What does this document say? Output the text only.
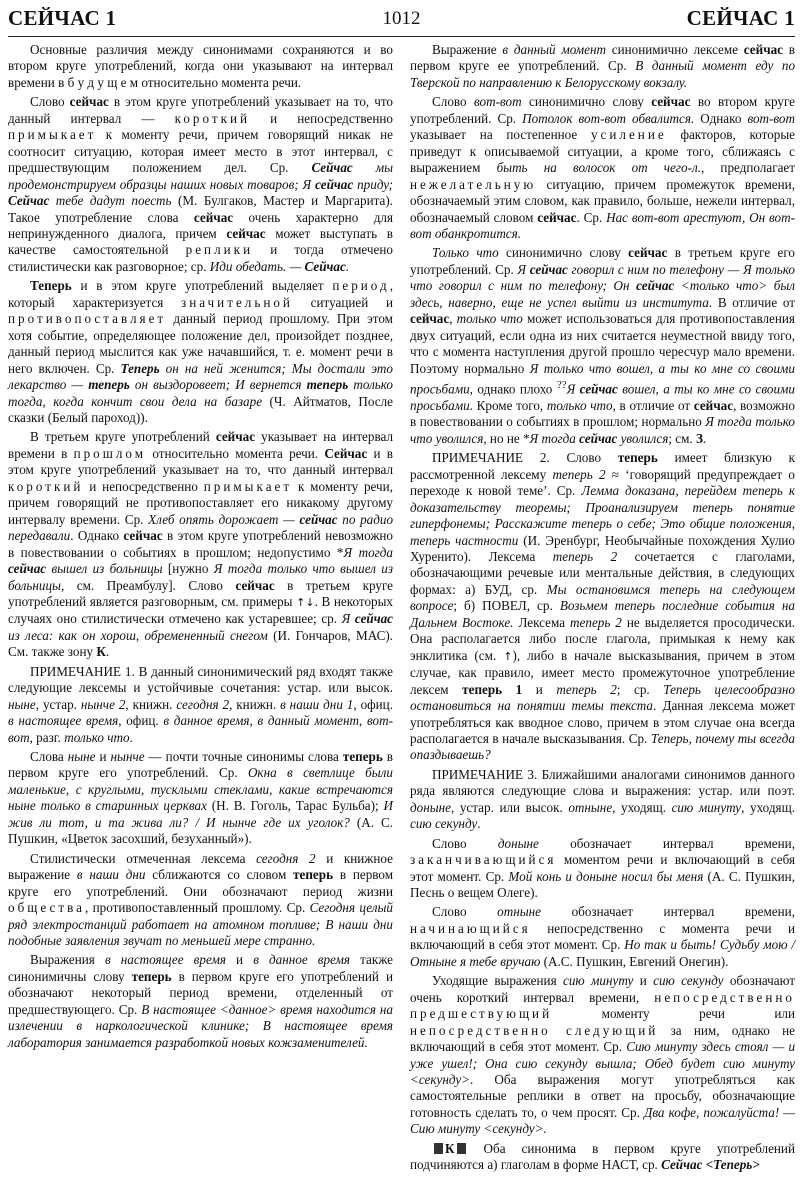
СЕЙЧАС 1	1012	СЕЙЧАС 1

Основные различия между синонимами сохраняются и во втором круге употреблений, когда они указывают на интервал времени в б у д у щ е м относительно момента речи.

Слово сейчас в этом круге употреблений указывает на то, что данный интервал — короткий и непосредственно примыкает к моменту речи, причем говорящий никак не соотносит ситуацию, которая имеет место в этот интервал, с предшествующим положением дел. Ср. Сейчас мы продемонстрируем образцы наших новых товаров; Я сейчас приду; Сейчас тебе дадут поесть (М. Булгаков, Мастер и Маргарита). Такое употребление слова сейчас очень характерно для непринужденного диалога, причем сейчас может выступать в качестве самостоятельной реплики и тогда отмечено стилистически как разговорное; ср. Иди обедать. — Сейчас.

Теперь и в этом круге употреблений выделяет период, который характеризуется значительной ситуацией и противопоставляет данный период прошлому. При этом хотя событие, определяющее положение дел, произойдет позднее, данный период мыслится как уже начавшийся, т. е. момент речи в него включен. Ср. Теперь он на ней женится; Мы достали это лекарство — теперь он выздоровеет; И вернется теперь только тогда, когда кончит свои дела на базаре (Ч. Айтматов, После сказки (Белый пароход)).

В третьем круге употреблений сейчас указывает на интервал времени в прошлом относительно момента речи. Сейчас и в этом круге употреблений указывает на то, что данный интервал короткий и непосредственно примыкает к моменту речи, причем говорящий не противопоставляет его никакому другому интервалу времени. Ср. Хлеб опять дорожает — сейчас по радио передавали. Однако сейчас в этом круге употреблений невозможно в повествовании о событиях в прошлом; недопустимо *Я тогда сейчас вышел из больницы [нужно Я тогда только что вышел из больницы, см. Преамбулу]. Слово сейчас в третьем круге употреблений является разговорным, см. примеры ↑↓. В некоторых случаях оно стилистически отмечено как устаревшее; ср. Я сейчас из леса: как он хорош, обремененный снегом (И. Гончаров, МАС). См. также зону К.

ПРИМЕЧАНИЕ 1. В данный синонимический ряд входят также следующие лексемы и устойчивые сочетания: устар. или высок. ныне, устар. нынче 2, книжн. сегодня 2, книжн. в наши дни 1, офиц. в настоящее время, офиц. в данное время, в данный момент, вот-вот, разг. только что.

Слова ныне и нынче — почти точные синонимы слова теперь в первом круге его употреблений. Ср. Окна в светлице были маленькие, с круглыми, тусклыми стеклами, какие встречаются ныне только в старинных церквах (Н. В. Гоголь, Тарас Бульба); И жив ли тот, и та жива ли? / И нынче где их уголок? (А. С. Пушкин, «Цветок засохший, безуханный»).

Стилистически отмеченная лексема сегодня 2 и книжное выражение в наши дни сближаются со словом теперь в первом круге его употреблений. Они обозначают период жизни общества, противопоставленный прошлому. Ср. Сегодня целый ряд электростанций работает на атомном топливе; В наши дни подобные заявления звучат по меньшей мере странно.

Выражения в настоящее время и в данное время также синонимичны слову теперь в первом круге его употреблений и обозначают некоторый период времени, отделенный от предшествующего. Ср. В настоящее <данное> время находится на излечении в наркологической клинике; В настоящее время лаборатория занимается разработкой новых кожзаменителей.

Выражение в данный момент синонимично лексеме сейчас в первом круге ее употреблений. Ср. В данный момент еду по Тверской по направлению к Белорусскому вокзалу.

Слово вот-вот синонимично слову сейчас во втором круге употреблений. Ср. Потолок вот-вот обвалится. Однако вот-вот указывает на постепенное усиление факторов, которые приведут к описываемой ситуации, а кроме того, сближаясь с выражением быть на волосок от чего-л., предполагает нежелательную ситуацию, причем промежуток времени, обозначаемый этим словом, как правило, больше, нежели интервал, обозначаемый словом сейчас. Ср. Нас вот-вот арестуют, Он вот-вот обанкротится.

Только что синонимично слову сейчас в третьем круге его употреблений. Ср. Я сейчас говорил с ним по телефону — Я только что говорил с ним по телефону; Он сейчас <только что> был здесь, наверно, еще не успел выйти из института. В отличие от сейчас, только что может использоваться для противопоставления двух ситуаций, если одна из них считается неуместной ввиду того, что с момента наступления другой прошло чересчур мало времени. Поэтому нормально Я только что вошел, а ты ко мне со своими просьбами, однако плохо ??Я сейчас вошел, а ты ко мне со своими просьбами. Кроме того, только что, в отличие от сейчас, возможно в повествовании о событиях в прошлом; нормально Я тогда только что уволился, но не *Я тогда сейчас уволился; см. З.

ПРИМЕЧАНИЕ 2. Слово теперь имеет близкую к рассмотренной лексему теперь 2 ≈ ‘говорящий предупреждает о переходе к новой теме’. Ср. Лемма доказана, перейдем теперь к доказательству теоремы; Проанализируем теперь понятие гиперфонемы; Расскажите теперь о себе; Это общие положения, теперь частности (И. Эренбург, Необычайные похождения Хулио Хуренито). Лексема теперь 2 сочетается с глаголами, обозначающими речевые или ментальные действия, в следующих формах: а) БУД, ср. Мы остановимся теперь на следующем вопросе; б) ПОВЕЛ, ср. Возьмем теперь последние события на Дальнем Востоке. Лексема теперь 2 не выделяется просодически. Она располагается либо после глагола, примыкая к нему как энклитика (см. ↑), либо в начале высказывания, причем в этом случае, как правило, имеет место промежуточное употребление лексем теперь 1 и теперь 2; ср. Теперь целесообразно остановиться на понятии темы текста. Данная лексема может употребляться как вводное слово, причем в этом случае она всегда располагается в начале высказывания. Ср. Теперь, почему ты всегда опаздываешь?

ПРИМЕЧАНИЕ 3. Ближайшими аналогами синонимов данного ряда являются следующие слова и выражения: устар. или поэт. доныне, устар. или высок. отныне, уходящ. сию минуту, уходящ. сию секунду.

Слово доныне обозначает интервал времени, заканчивающийся моментом речи и включающий в себя этот момент. Ср. Мой конь и доныне носил бы меня (А. С. Пушкин, Песнь о вещем Олеге).

Слово отныне обозначает интервал времени, начинающийся непосредственно с момента речи и включающий в себя этот момент. Ср. Но так и быть! Судьбу мою / Отныне я тебе вручаю (А.С. Пушкин, Евгений Онегин).

Уходящие выражения сию минуту и сию секунду обозначают очень короткий интервал времени, непосредственно предшествующий моменту речи или непосредственно следующий за ним, однако не включающий в себя этот момент. Ср. Сию минуту здесь стоял — и уже ушел!; Она сию секунду вышла; Обед будет сию минуту <секунду>. Оба выражения могут употребляться как самостоятельные реплики в ответ на просьбу, обозначающие готовность сделать то, о чем просят. Ср. Два кофе, пожалуйста! — Сию минуту <секунду>.

К Оба синонима в первом круге употреблений подчиняются а) глаголам в форме НАСТ, ср. Сейчас <Теперь>
